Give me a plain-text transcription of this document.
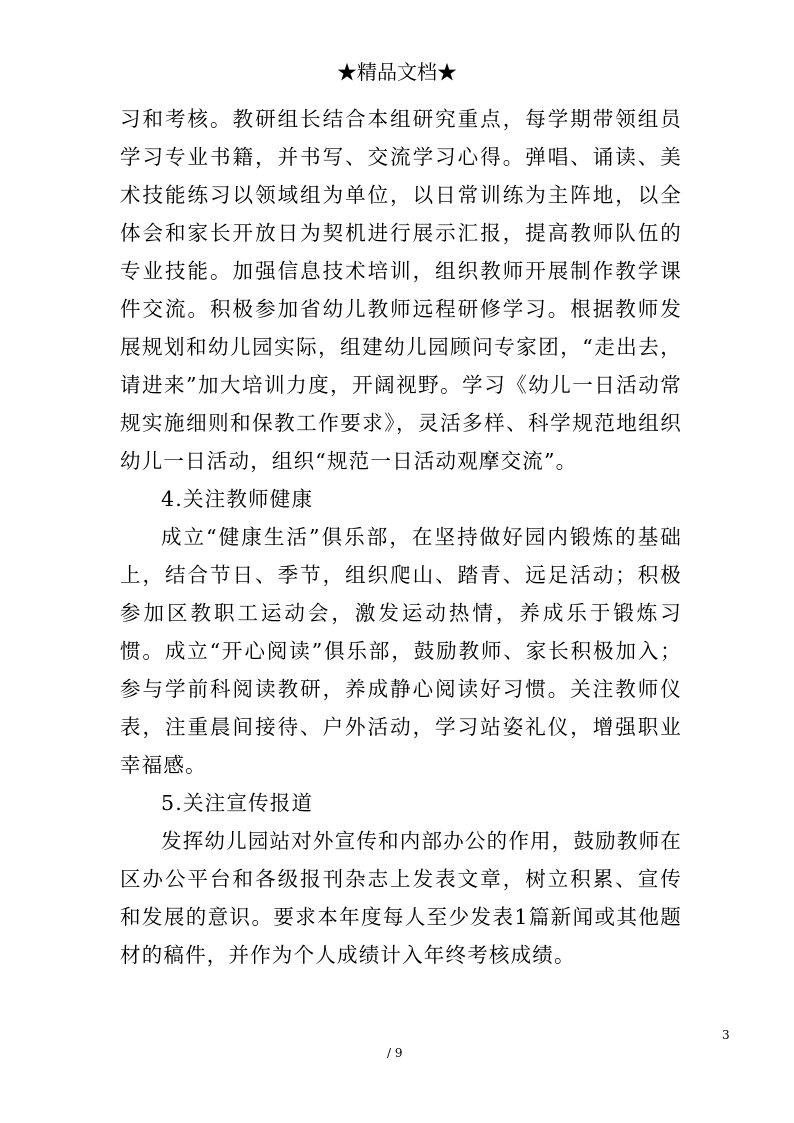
★精品文档★

习和考核。教研组长结合本组研究重点，每学期带领组员学习专业书籍，并书写、交流学习心得。弹唱、诵读、美术技能练习以领域组为单位，以日常训练为主阵地，以全体会和家长开放日为契机进行展示汇报，提高教师队伍的专业技能。加强信息技术培训，组织教师开展制作教学课件交流。积极参加省幼儿教师远程研修学习。根据教师发展规划和幼儿园实际，组建幼儿园顾问专家团，“走出去，请进来”加大培训力度，开阔视野。学习《幼儿一日活动常规实施细则和保教工作要求》，灵活多样、科学规范地组织幼儿一日活动，组织“规范一日活动观摩交流”。

4.关注教师健康

成立“健康生活”俱乐部，在坚持做好园内锻炼的基础上，结合节日、季节，组织爬山、踏青、远足活动；积极参加区教职工运动会，激发运动热情，养成乐于锻炼习惯。成立“开心阅读”俱乐部，鼓励教师、家长积极加入；参与学前科阅读教研，养成静心阅读好习惯。关注教师仪表，注重晨间接待、户外活动，学习站姿礼仪，增强职业幸福感。

5.关注宣传报道

发挥幼儿园站对外宣传和内部办公的作用，鼓励教师在区办公平台和各级报刊杂志上发表文章，树立积累、宣传和发展的意识。要求本年度每人至少发表1篇新闻或其他题材的稿件，并作为个人成绩计入年终考核成绩。

3
/ 9
